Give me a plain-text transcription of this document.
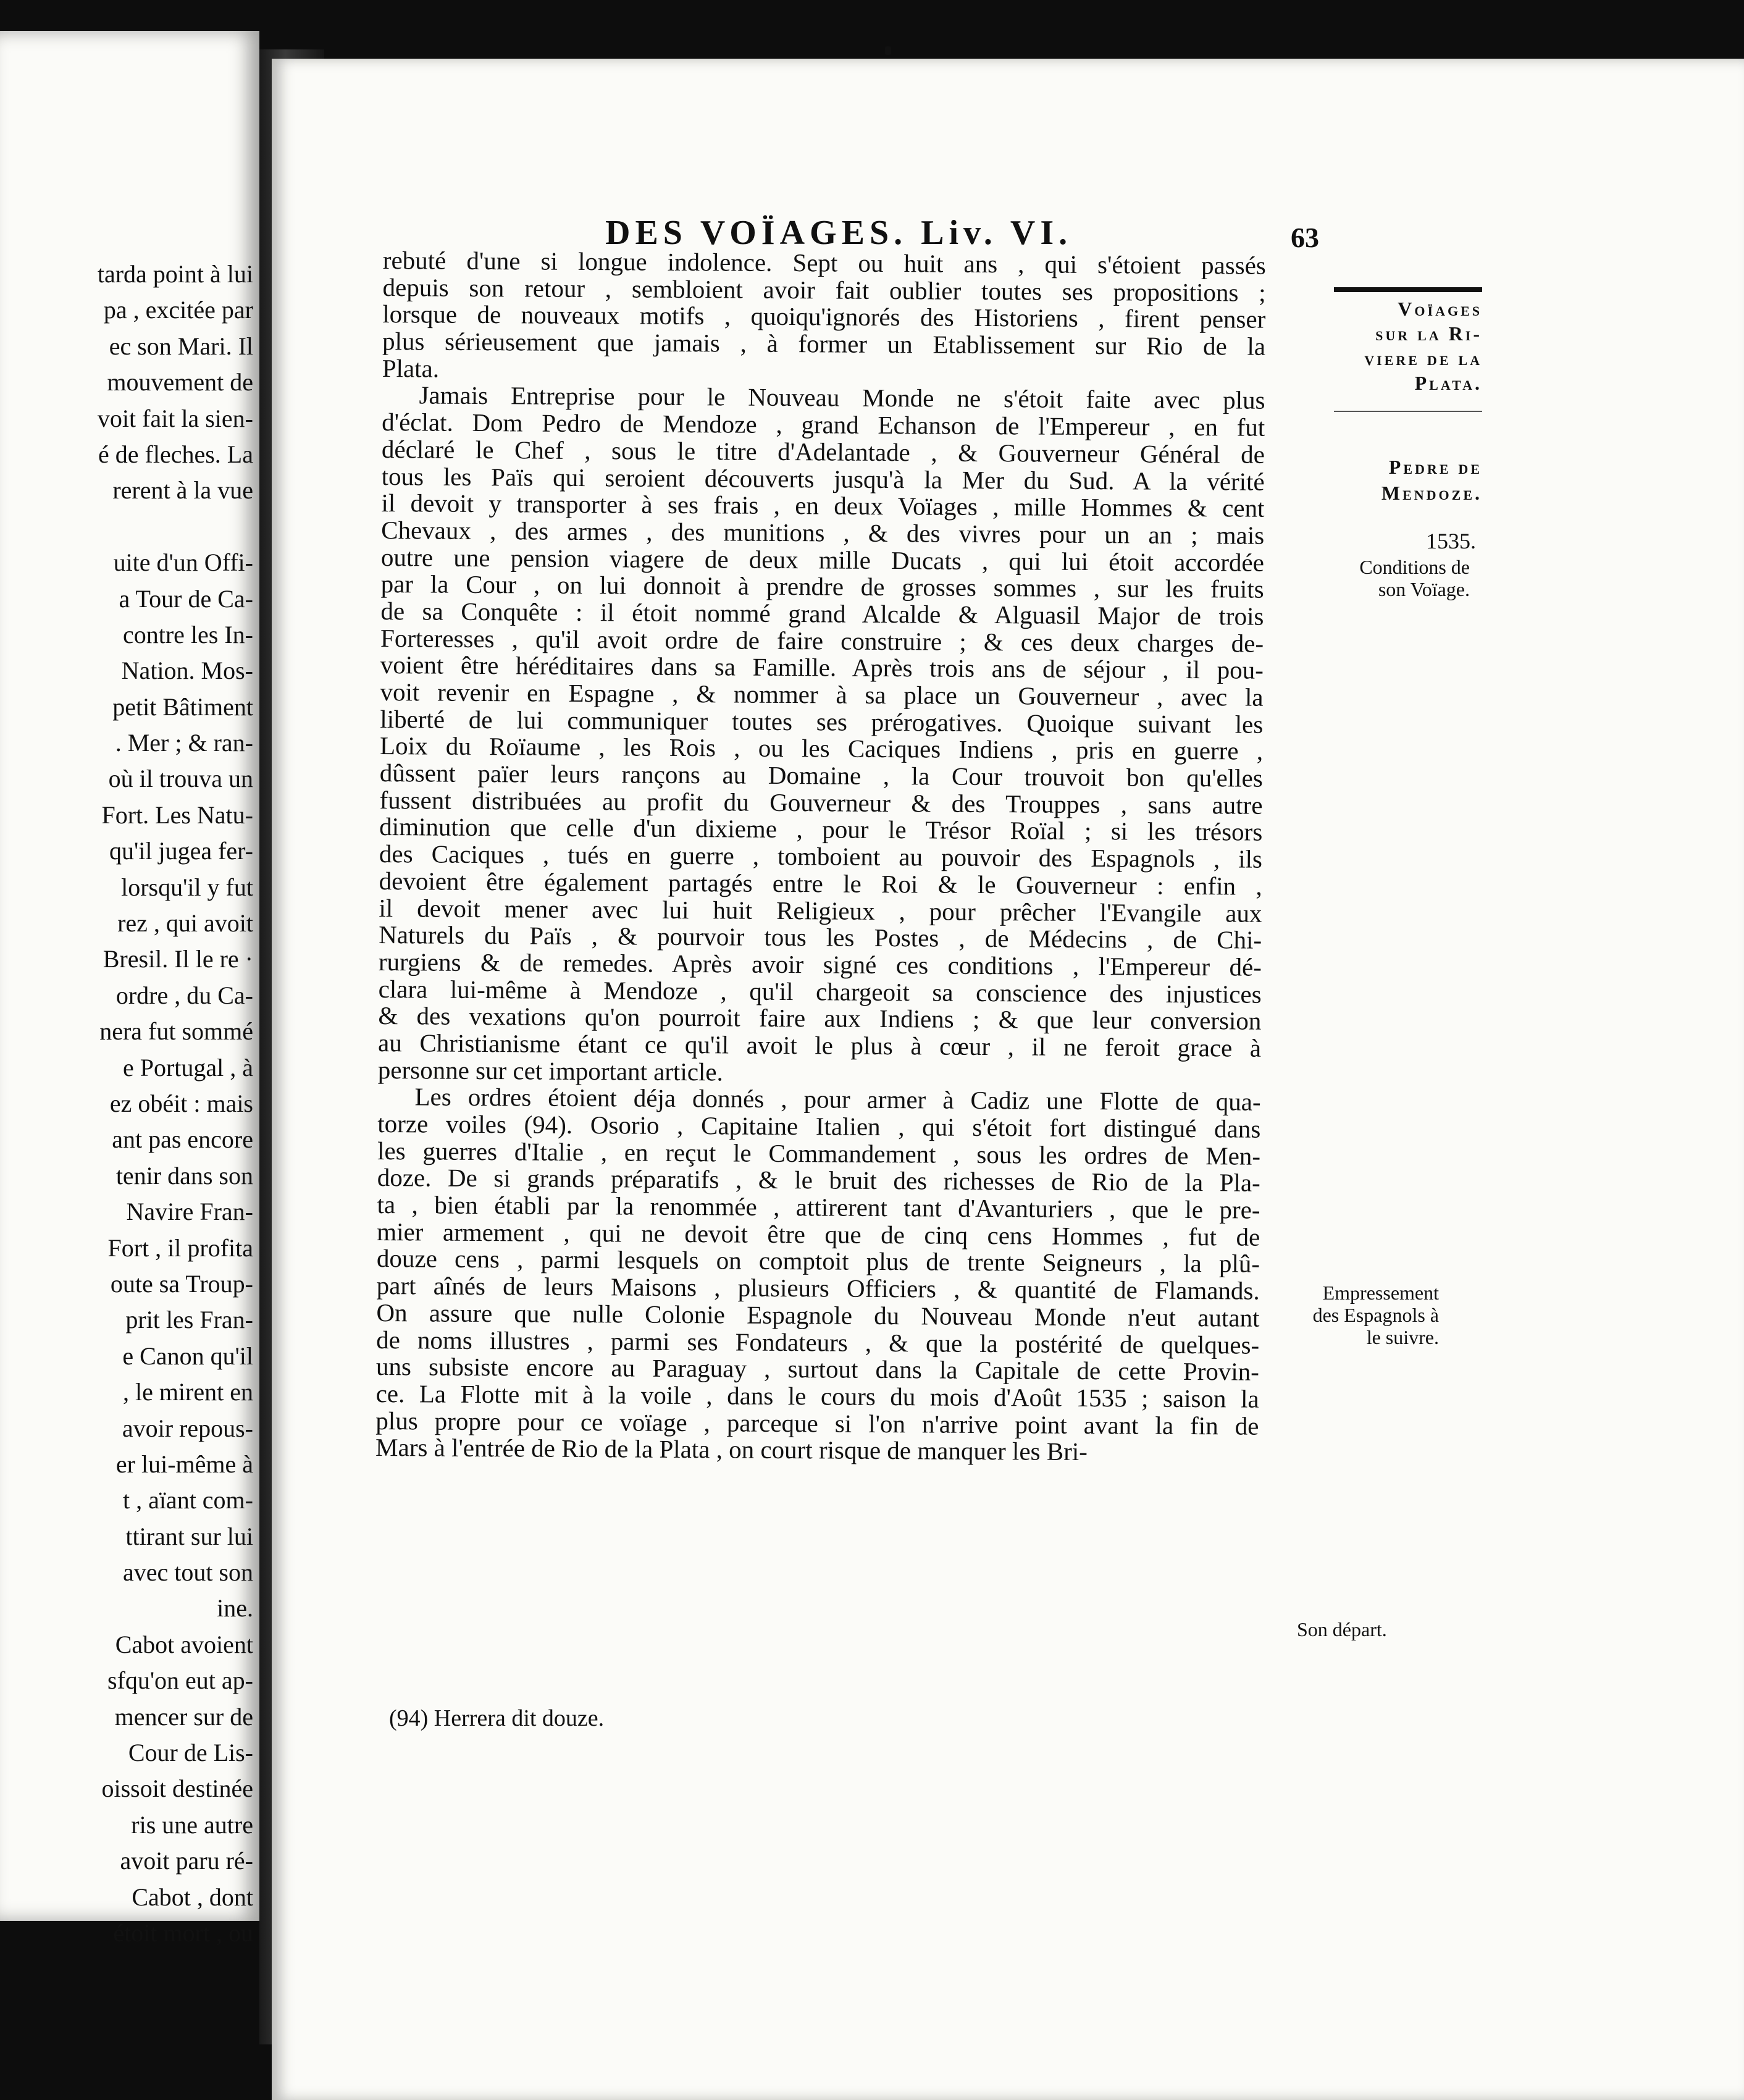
tarda point à lui
pa , excitée par
ec son Mari. Il
mouvement de
voit fait la sien-
é de fleches. La
rerent à la vue
uite d'un Offi-
a Tour de Ca-
contre les In-
Nation. Mos-
petit Bâtiment
. Mer ; & ran-
où il trouva un
Fort. Les Natu-
qu'il jugea fer-
lorsqu'il y fut
rez , qui avoit
Bresil. Il le re ·
ordre , du Ca-
nera fut sommé
e Portugal , à
ez obéit : mais
ant pas encore
tenir dans son
Navire Fran-
Fort , il profita
oute sa Troup-
prit les Fran-
e Canon qu'il
, le mirent en
avoir repous-
er lui-même à
t , aïant com-
ttirant sur lui
avec tout son
ine.
Cabot avoient
sfqu'on eut ap-
mencer sur de
Cour de Lis-
oissoit destinée
ris une autre
avoit paru ré-
Cabot , dont
étoit mort , ou
DES VOÏAGES. Liv. VI.	63
rebuté d'une si longue indolence. Sept ou huit ans , qui s'étoient passés
depuis son retour , sembloient avoir fait oublier toutes ses propositions ;
lorsque de nouveaux motifs , quoiqu'ignorés des Historiens , firent penser
plus sérieusement que jamais , à former un Etablissement sur Rio de la
Plata.
Jamais Entreprise pour le Nouveau Monde ne s'étoit faite avec plus
d'éclat. Dom Pedro de Mendoze , grand Echanson de l'Empereur , en fut
déclaré le Chef , sous le titre d'Adelantade , & Gouverneur Général de
tous les Païs qui seroient découverts jusqu'à la Mer du Sud. A la vérité
il devoit y transporter à ses frais , en deux Voïages , mille Hommes & cent
Chevaux , des armes , des munitions , & des vivres pour un an ; mais
outre une pension viagere de deux mille Ducats , qui lui étoit accordée
par la Cour , on lui donnoit à prendre de grosses sommes , sur les fruits
de sa Conquête : il étoit nommé grand Alcalde & Alguasil Major de trois
Forteresses , qu'il avoit ordre de faire construire ; & ces deux charges de-
voient être héréditaires dans sa Famille. Après trois ans de séjour , il pou-
voit revenir en Espagne , & nommer à sa place un Gouverneur , avec la
liberté de lui communiquer toutes ses prérogatives. Quoique suivant les
Loix du Roïaume , les Rois , ou les Caciques Indiens , pris en guerre ,
dûssent païer leurs rançons au Domaine , la Cour trouvoit bon qu'elles
fussent distribuées au profit du Gouverneur & des Trouppes , sans autre
diminution que celle d'un dixieme , pour le Trésor Roïal ; si les trésors
des Caciques , tués en guerre , tomboient au pouvoir des Espagnols , ils
devoient être également partagés entre le Roi & le Gouverneur : enfin ,
il devoit mener avec lui huit Religieux , pour prêcher l'Evangile aux
Naturels du Païs , & pourvoir tous les Postes , de Médecins , de Chi-
rurgiens & de remedes. Après avoir signé ces conditions , l'Empereur dé-
clara lui-même à Mendoze , qu'il chargeoit sa conscience des injustices
& des vexations qu'on pourroit faire aux Indiens ; & que leur conversion
au Christianisme étant ce qu'il avoit le plus à cœur , il ne feroit grace à
personne sur cet important article.
Les ordres étoient déja donnés , pour armer à Cadiz une Flotte de qua-
torze voiles (94). Osorio , Capitaine Italien , qui s'étoit fort distingué dans
les guerres d'Italie , en reçut le Commandement , sous les ordres de Men-
doze. De si grands préparatifs , & le bruit des richesses de Rio de la Pla-
ta , bien établi par la renommée , attirerent tant d'Avanturiers , que le pre-
mier armement , qui ne devoit être que de cinq cens Hommes , fut de
douze cens , parmi lesquels on comptoit plus de trente Seigneurs , la plû-
part aînés de leurs Maisons , plusieurs Officiers , & quantité de Flamands.
On assure que nulle Colonie Espagnole du Nouveau Monde n'eut autant
de noms illustres , parmi ses Fondateurs , & que la postérité de quelques-
uns subsiste encore au Paraguay , surtout dans la Capitale de cette Provin-
ce. La Flotte mit à la voile , dans le cours du mois d'Août 1535 ; saison la
plus propre pour ce voïage , parceque si l'on n'arrive point avant la fin de
Mars à l'entrée de Rio de la Plata , on court risque de manquer les Bri-
(94) Herrera dit douze.
Voïages
sur la Ri-
viere de la
Plata.
Pedre de
Mendoze.
1535.
Conditions de
son Voïage.
Empressement
des Espagnols à
le suivre.
Son départ.
